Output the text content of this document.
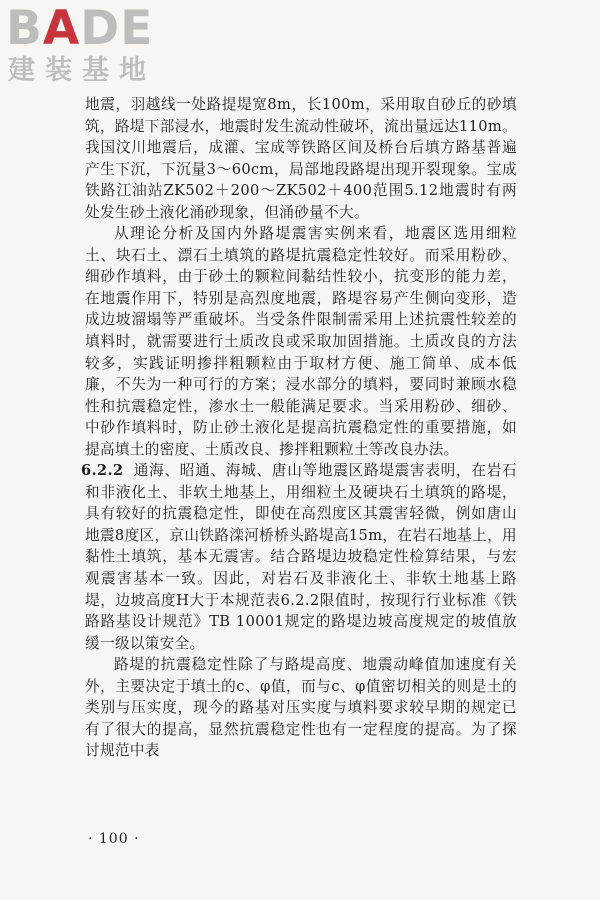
BADE
建装基地

地震，羽越线一处路提堤宽8m，长100m，采用取自砂丘的砂填筑，路堤下部浸水，地震时发生流动性破坏，流出量远达110m。我国汶川地震后，成灌、宝成等铁路区间及桥台后填方路基普遍产生下沉，下沉量3～60cm，局部地段路堤出现开裂现象。宝成铁路江油站ZK502＋200～ZK502＋400范围5.12地震时有两处发生砂土液化涌砂现象，但涌砂量不大。

从理论分析及国内外路堤震害实例来看，地震区选用细粒土、块石土、漂石土填筑的路堤抗震稳定性较好。而采用粉砂、细砂作填料，由于砂土的颗粒间黏结性较小，抗变形的能力差，在地震作用下，特别是高烈度地震，路堤容易产生侧向变形，造成边坡溜塌等严重破坏。当受条件限制需采用上述抗震性较差的填料时，就需要进行土质改良或采取加固措施。土质改良的方法较多，实践证明掺拌粗颗粒由于取材方便、施工简单、成本低廉，不失为一种可行的方案；浸水部分的填料，要同时兼顾水稳性和抗震稳定性，渗水土一般能满足要求。当采用粉砂、细砂、中砂作填料时，防止砂土液化是提高抗震稳定性的重要措施，如提高填土的密度、土质改良、掺拌粗颗粒土等改良办法。

6.2.2 通海、昭通、海城、唐山等地震区路堤震害表明，在岩石和非液化土、非软土地基上，用细粒土及硬块石土填筑的路堤，具有较好的抗震稳定性，即使在高烈度区其震害轻微，例如唐山地震8度区，京山铁路滦河桥桥头路堤高15m，在岩石地基上，用黏性土填筑，基本无震害。结合路堤边坡稳定性检算结果，与宏观震害基本一致。因此，对岩石及非液化土、非软土地基上路堤，边坡高度H大于本规范表6.2.2限值时，按现行行业标准《铁路路基设计规范》TB 10001规定的路堤边坡高度规定的坡值放缓一级以策安全。

路堤的抗震稳定性除了与路堤高度、地震动峰值加速度有关外，主要决定于填土的c、φ值，而与c、φ值密切相关的则是土的类别与压实度，现今的路基对压实度与填料要求较早期的规定已有了很大的提高，显然抗震稳定性也有一定程度的提高。为了探讨规范中表

· 100 ·
